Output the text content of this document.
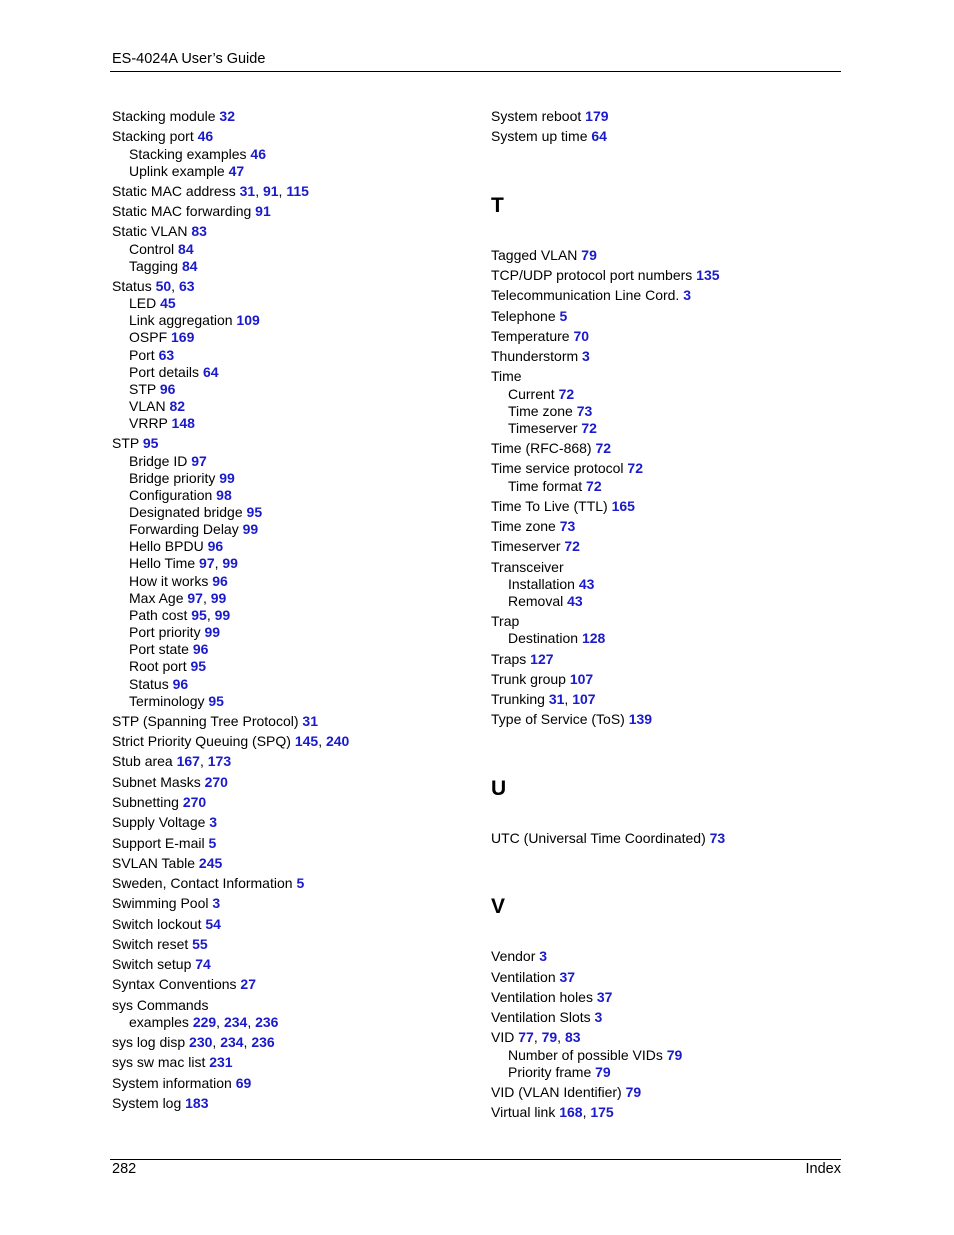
ES-4024A User’s Guide
Stacking module 32
Stacking port 46
Stacking examples 46
Uplink example 47
Static MAC address 31, 91, 115
Static MAC forwarding 91
Static VLAN 83
Control 84
Tagging 84
Status 50, 63
LED 45
Link aggregation 109
OSPF 169
Port 63
Port details 64
STP 96
VLAN 82
VRRP 148
STP 95
Bridge ID 97
Bridge priority 99
Configuration 98
Designated bridge 95
Forwarding Delay 99
Hello BPDU 96
Hello Time 97, 99
How it works 96
Max Age 97, 99
Path cost 95, 99
Port priority 99
Port state 96
Root port 95
Status 96
Terminology 95
STP (Spanning Tree Protocol) 31
Strict Priority Queuing (SPQ) 145, 240
Stub area 167, 173
Subnet Masks 270
Subnetting 270
Supply Voltage 3
Support E-mail 5
SVLAN Table 245
Sweden, Contact Information 5
Swimming Pool 3
Switch lockout 54
Switch reset 55
Switch setup 74
Syntax Conventions 27
sys Commands
examples 229, 234, 236
sys log disp 230, 234, 236
sys sw mac list 231
System information 69
System log 183
System reboot 179
System up time 64
T
Tagged VLAN 79
TCP/UDP protocol port numbers 135
Telecommunication Line Cord. 3
Telephone 5
Temperature 70
Thunderstorm 3
Time
Current 72
Time zone 73
Timeserver 72
Time (RFC-868) 72
Time service protocol 72
Time format 72
Time To Live (TTL) 165
Time zone 73
Timeserver 72
Transceiver
Installation 43
Removal 43
Trap
Destination 128
Traps 127
Trunk group 107
Trunking 31, 107
Type of Service (ToS) 139
U
UTC (Universal Time Coordinated) 73
V
Vendor 3
Ventilation 37
Ventilation holes 37
Ventilation Slots 3
VID 77, 79, 83
Number of possible VIDs 79
Priority frame 79
VID (VLAN Identifier) 79
Virtual link 168, 175
282	Index
